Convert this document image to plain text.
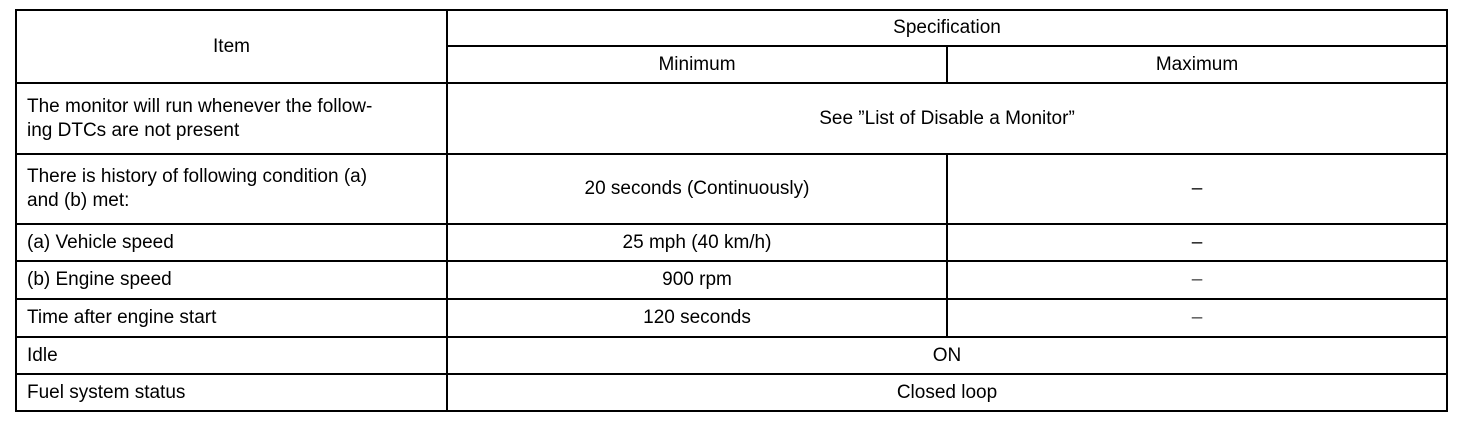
Item	Specification	
	Minimum	Maximum

The monitor will run whenever the follow-
ing DTCs are not present	See ”List of Disable a Monitor”	

There is history of following condition (a)
and (b) met:	20 seconds (Continuously)	–
(a) Vehicle speed	25 mph (40 km/h)	–
(b) Engine speed	900 rpm	–
Time after engine start	120 seconds	–
Idle	ON	
Fuel system status	Closed loop	
